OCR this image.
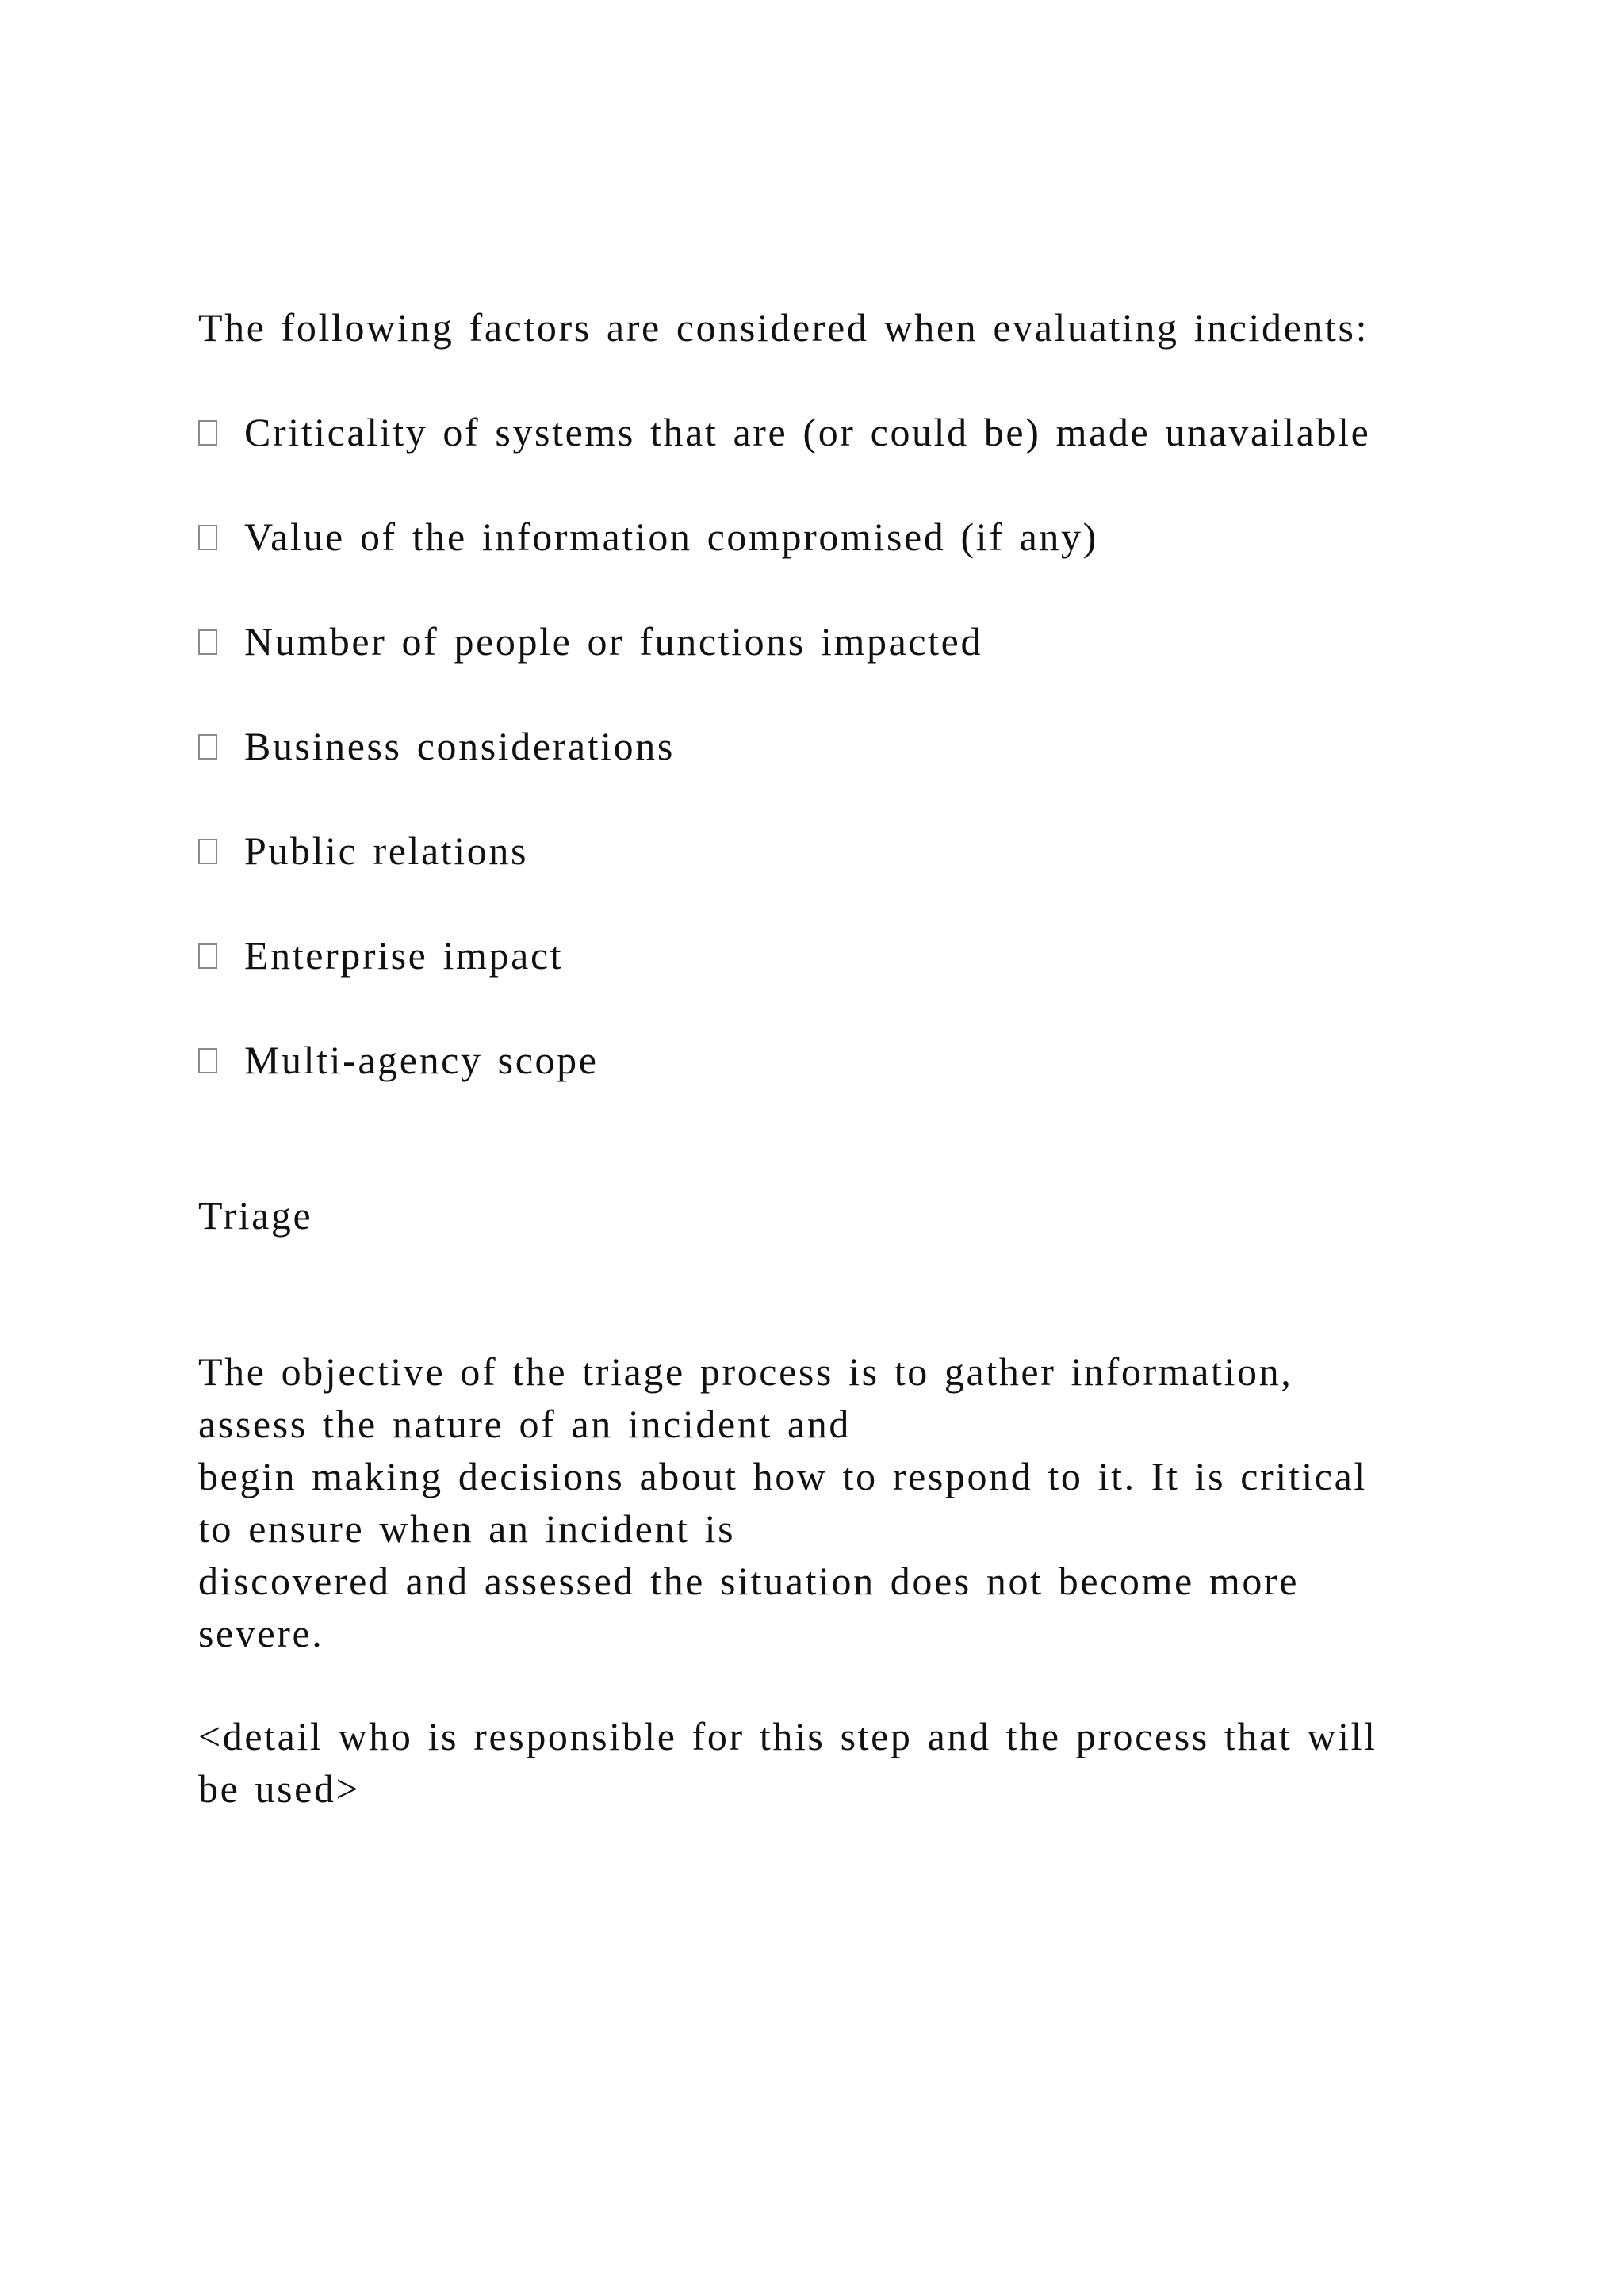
The following factors are considered when evaluating incidents:
Criticality of systems that are (or could be) made unavailable
Value of the information compromised (if any)
Number of people or functions impacted
Business considerations
Public relations
Enterprise impact
Multi-agency scope
Triage
The objective of the triage process is to gather information,
assess the nature of an incident and
begin making decisions about how to respond to it. It is critical
to ensure when an incident is
discovered and assessed the situation does not become more
severe.
<detail who is responsible for this step and the process that will
be used>
